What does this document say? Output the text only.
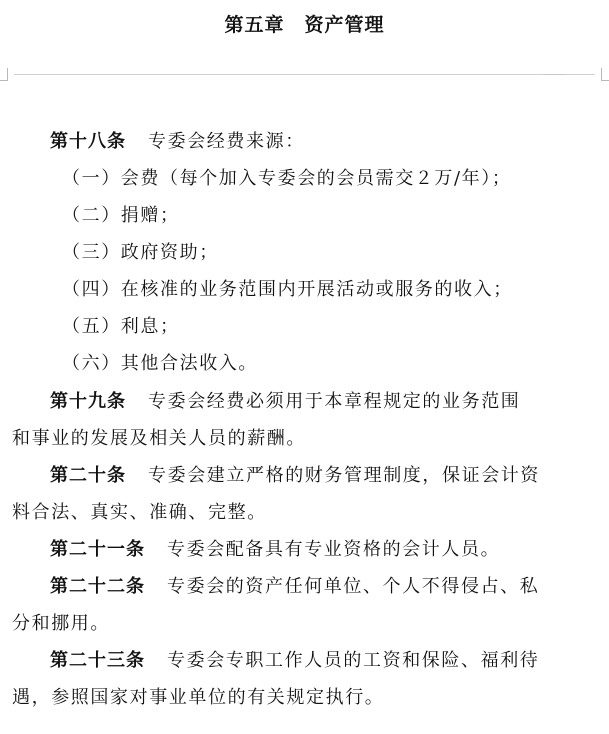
第五章　资产管理
第十八条 专委会经费来源：
（一）会费（每个加入专委会的会员需交２万/年）；
（二）捐赠；
（三）政府资助；
（四）在核准的业务范围内开展活动或服务的收入；
（五）利息；
（六）其他合法收入。
第十九条 专委会经费必须用于本章程规定的业务范围
和事业的发展及相关人员的薪酬。
第二十条 专委会建立严格的财务管理制度，保证会计资
料合法、真实、准确、完整。
第二十一条 专委会配备具有专业资格的会计人员。
第二十二条 专委会的资产任何单位、个人不得侵占、私
分和挪用。
第二十三条 专委会专职工作人员的工资和保险、福利待
遇，参照国家对事业单位的有关规定执行。
